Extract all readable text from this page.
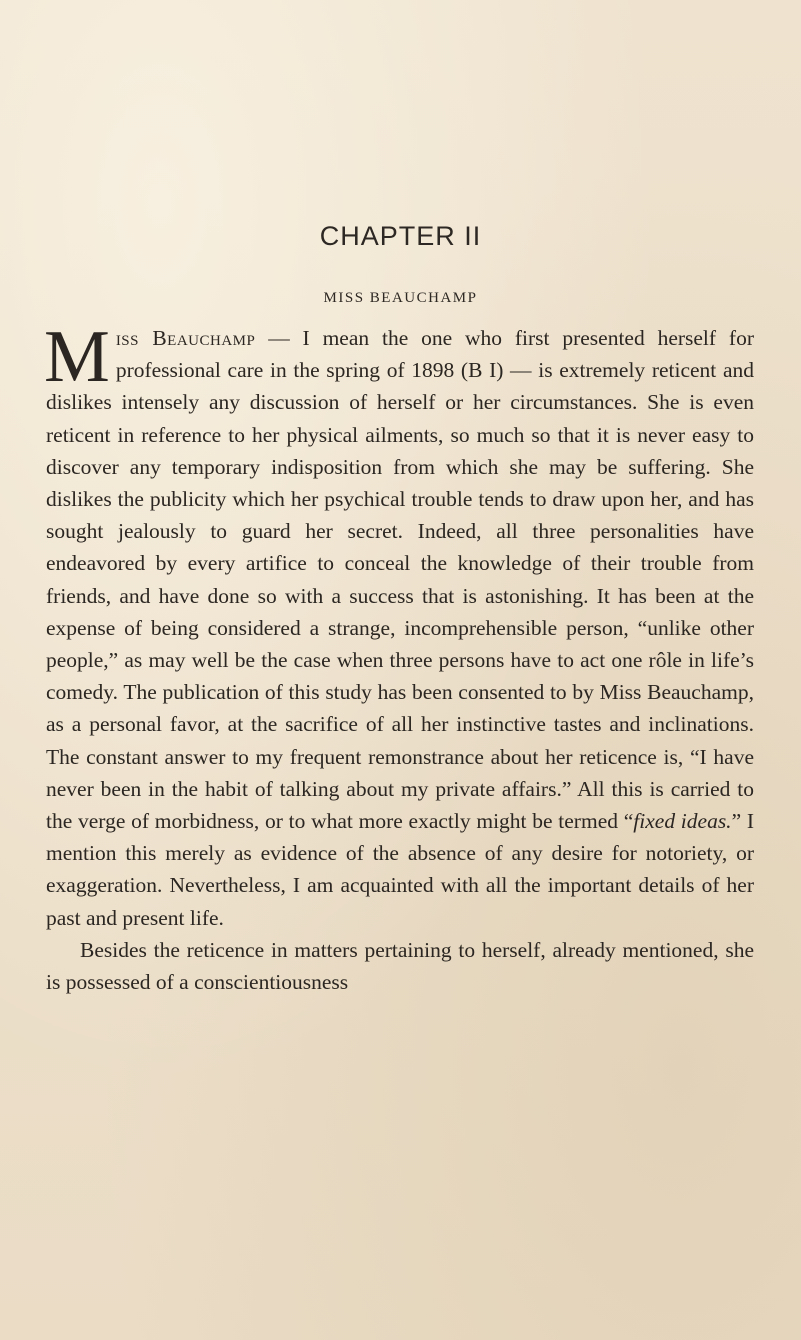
CHAPTER II
MISS BEAUCHAMP

Miss Beauchamp — I mean the one who first presented herself for professional care in the spring of 1898 (B I) — is extremely reticent and dislikes intensely any discussion of herself or her circumstances. She is even reticent in reference to her physical ailments, so much so that it is never easy to discover any temporary indisposition from which she may be suffering. She dislikes the publicity which her psychical trouble tends to draw upon her, and has sought jealously to guard her secret. Indeed, all three personalities have endeavored by every artifice to conceal the knowledge of their trouble from friends, and have done so with a success that is astonishing. It has been at the expense of being considered a strange, incomprehensible person, “unlike other people,” as may well be the case when three persons have to act one rôle in life’s comedy. The publication of this study has been consented to by Miss Beauchamp, as a personal favor, at the sacrifice of all her instinctive tastes and inclinations. The constant answer to my frequent remonstrance about her reticence is, “I have never been in the habit of talking about my private affairs.” All this is carried to the verge of morbidness, or to what more exactly might be termed “fixed ideas.” I mention this merely as evidence of the absence of any desire for notoriety, or exaggeration. Nevertheless, I am acquainted with all the important details of her past and present life.

Besides the reticence in matters pertaining to herself, already mentioned, she is possessed of a conscientiousness
